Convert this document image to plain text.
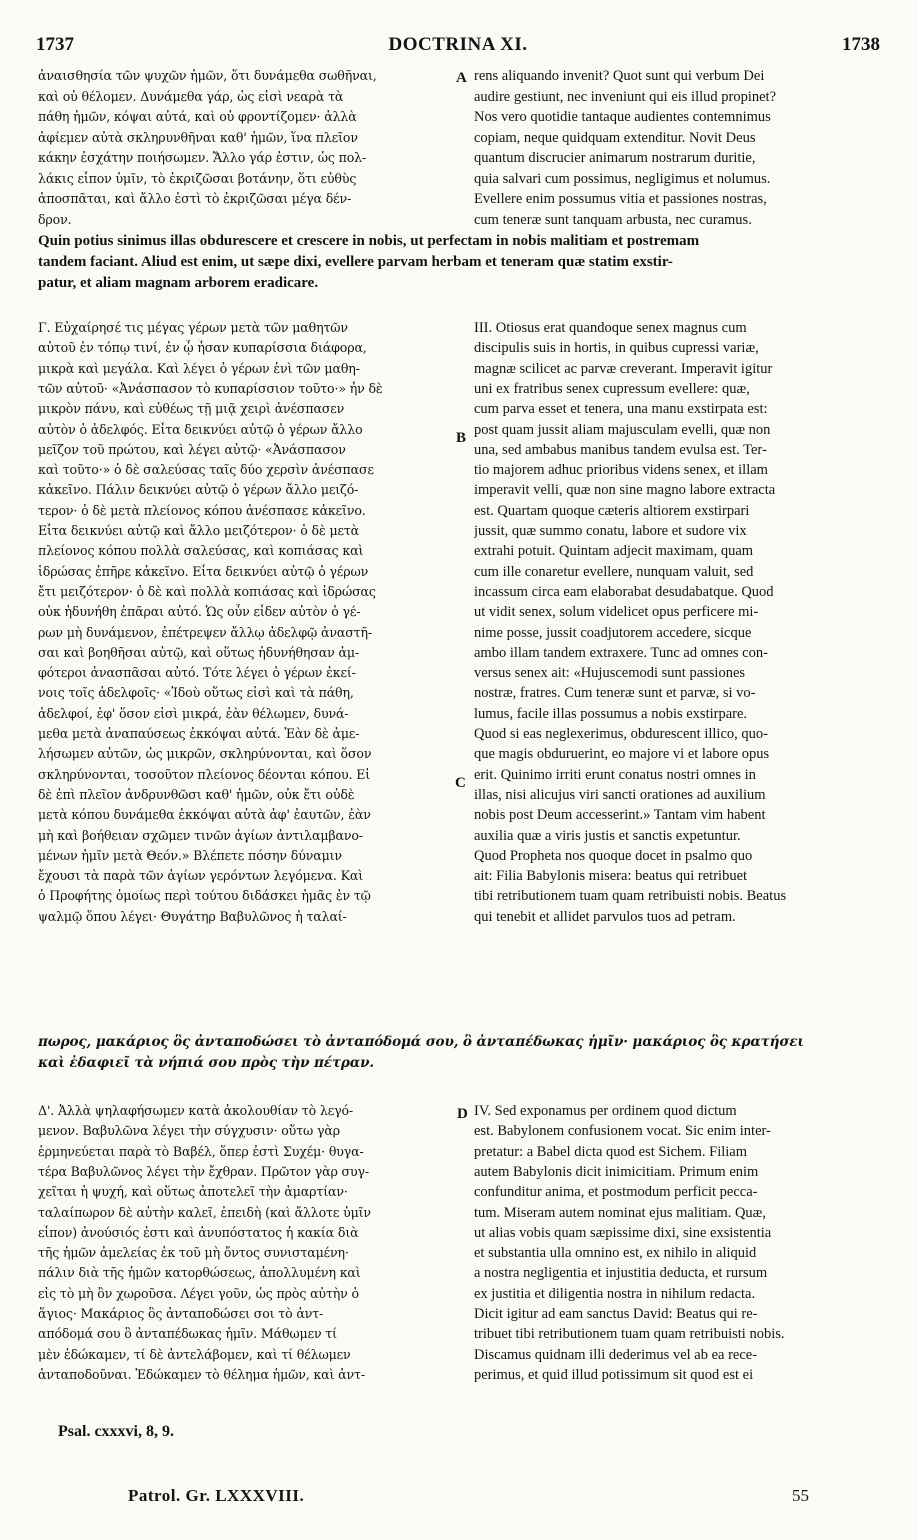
1737	DOCTRINA XI.	1738
ἀναισθησία τῶν ψυχῶν ἡμῶν, ὅτι δυνάμεθα σωθῆναι,
καὶ οὐ θέλομεν. Δυνάμεθα γάρ, ὡς εἰσὶ νεαρὰ τὰ
πάθη ἡμῶν, κόψαι αὐτά, καὶ οὐ φροντίζομεν· ἀλλὰ
ἀφίεμεν αὐτὰ σκληρυνθῆναι καθ' ἡμῶν, ἵνα πλεῖον
κάκην ἐσχάτην ποιήσωμεν. Ἄλλο γάρ ἐστιν, ὡς πολ-
λάκις εἶπον ὑμῖν, τὸ ἐκριζῶσαι βοτάνην, ὅτι εὐθὺς
ἀποσπᾶται, καὶ ἄλλο ἐστὶ τὸ ἐκριζῶσαι μέγα δέν-
δρον.
rens aliquando invenit? Quot sunt qui verbum Dei
audire gestiunt, nec inveniunt qui eis illud propinet?
Nos vero quotidie tantaque audientes contemnimus
copiam, neque quidquam extenditur. Novit Deus
quantum discrucier animarum nostrarum duritie,
quia salvari cum possimus, negligimus et nolumus.
Evellere enim possumus vitia et passiones nostras,
cum teneræ sunt tanquam arbusta, nec curamus.
Γ. Εὐχαίρησέ τις μέγας γέρων μετὰ τῶν μαθητῶν
αὐτοῦ ἐν τόπῳ τινί, ἐν ᾧ ἦσαν κυπαρίσσια διάφορα,
μικρὰ καὶ μεγάλα. Καὶ λέγει ὁ γέρων ἑνὶ τῶν μαθη-
τῶν αὐτοῦ· «Ἀνάσπασον τὸ κυπαρίσσιον τοῦτο·» ἦν δὲ
μικρὸν πάνυ, καὶ εὐθέως τῇ μιᾷ χειρὶ ἀνέσπασεν
αὐτὸν ὁ ἀδελφός. Εἶτα δεικνύει αὐτῷ ὁ γέρων ἄλλο
μεῖζον τοῦ πρώτου, καὶ λέγει αὐτῷ· «Ἀνάσπασον
καὶ τοῦτο·» ὁ δὲ σαλεύσας ταῖς δύο χερσὶν ἀνέσπασε
κἀκεῖνο. Πάλιν δεικνύει αὐτῷ ὁ γέρων ἄλλο μειζό-
τερον· ὁ δὲ μετὰ πλείονος κόπου ἀνέσπασε κἀκεῖνο.
Εἶτα δεικνύει αὐτῷ καὶ ἄλλο μειζότερον· ὁ δὲ μετὰ
πλείονος κόπου πολλὰ σαλεύσας, καὶ κοπιάσας καὶ
ἱδρώσας ἐπῆρε κἀκεῖνο. Εἶτα δεικνύει αὐτῷ ὁ γέρων
ἔτι μειζότερον· ὁ δὲ καὶ πολλὰ κοπιάσας καὶ ἱδρώσας
οὐκ ἠδυνήθη ἐπᾶραι αὐτό. Ὡς οὖν εἶδεν αὐτὸν ὁ γέ-
ρων μὴ δυνάμενον, ἐπέτρεψεν ἄλλῳ ἀδελφῷ ἀναστῆ-
σαι καὶ βοηθῆσαι αὐτῷ, καὶ οὕτως ἠδυνήθησαν ἀμ-
φότεροι ἀνασπᾶσαι αὐτό. Τότε λέγει ὁ γέρων ἐκεί-
νοις τοῖς ἀδελφοῖς· «Ἰδοὺ οὕτως εἰσὶ καὶ τὰ πάθη,
ἀδελφοί, ἐφ' ὅσον εἰσὶ μικρά, ἐὰν θέλωμεν, δυνά-
μεθα μετὰ ἀναπαύσεως ἐκκόψαι αὐτά. Ἐὰν δὲ ἀμε-
λήσωμεν αὐτῶν, ὡς μικρῶν, σκληρύνονται, καὶ ὅσον
σκληρύνονται, τοσοῦτον πλείονος δέονται κόπου. Εἰ
δὲ ἐπὶ πλεῖον ἀνδρυνθῶσι καθ' ἡμῶν, οὐκ ἔτι οὐδὲ
μετὰ κόπου δυνάμεθα ἐκκόψαι αὐτὰ ἀφ' ἑαυτῶν, ἐὰν
μὴ καὶ βοήθειαν σχῶμεν τινῶν ἁγίων ἀντιλαμβανο-
μένων ἡμῖν μετὰ Θεόν.» Βλέπετε πόσην δύναμιν
ἔχουσι τὰ παρὰ τῶν ἁγίων γερόντων λεγόμενα. Καὶ
ὁ Προφήτης ὁμοίως περὶ τούτου διδάσκει ἡμᾶς ἐν τῷ
ψαλμῷ ὅπου λέγει· Θυγάτηρ Βαβυλῶνος ἡ ταλαί-
III. Otiosus erat quandoque senex magnus cum
discipulis suis in hortis, in quibus cupressi variæ,
magnæ scilicet ac parvæ creverant. Imperavit igitur
uni ex fratribus senex cupressum evellere: quæ,
cum parva esset et tenera, una manu exstirpata est:
post quam jussit aliam majusculam evelli, quæ non
una, sed ambabus manibus tandem evulsa est. Ter-
tio majorem adhuc prioribus videns senex, et illam
imperavit velli, quæ non sine magno labore extracta
est. Quartam quoque cæteris altiorem exstirpari
jussit, quæ summo conatu, labore et sudore vix
extrahi potuit. Quintam adjecit maximam, quam
cum ille conaretur evellere, nunquam valuit, sed
incassum circa eam elaborabat desudabatque. Quod
ut vidit senex, solum videlicet opus perficere mi-
nime posse, jussit coadjutorem accedere, sicque
ambo illam tandem extraxere. Tunc ad omnes con-
versus senex ait: «Hujuscemodi sunt passiones
nostræ, fratres. Cum teneræ sunt et parvæ, si vo-
lumus, facile illas possumus a nobis exstirpare.
Quod si eas neglexerimus, obdurescent illico, quo-
que magis obduruerint, eo majore vi et labore opus
erit. Quinimo irriti erunt conatus nostri omnes in
illas, nisi alicujus viri sancti orationes ad auxilium
nobis post Deum accesserint.» Tantam vim habent
auxilia quæ a viris justis et sanctis expetuntur.
Quod Propheta nos quoque docet in psalmo quo
ait: Filia Babylonis misera: beatus qui retribuet
tibi retributionem tuam quam retribuisti nobis. Beatus
qui tenebit et allidet parvulos tuos ad petram.
Δ'. Ἀλλὰ ψηλαφήσωμεν κατὰ ἀκολουθίαν τὸ λεγό-
μενον. Βαβυλῶνα λέγει τὴν σύγχυσιν· οὕτω γὰρ
ἑρμηνεύεται παρὰ τὸ Βαβέλ, ὅπερ ἐστὶ Συχέμ· θυγα-
τέρα Βαβυλῶνος λέγει τὴν ἔχθραν. Πρῶτον γὰρ συγ-
χεῖται ἡ ψυχή, καὶ οὕτως ἀποτελεῖ τὴν ἁμαρτίαν·
ταλαίπωρον δὲ αὐτὴν καλεῖ, ἐπειδὴ (καὶ ἄλλοτε ὑμῖν
εἶπον) ἀνούσιός ἐστι καὶ ἀνυπόστατος ἡ κακία διὰ
τῆς ἡμῶν ἀμελείας ἐκ τοῦ μὴ ὄντος συνισταμένη·
πάλιν διὰ τῆς ἡμῶν κατορθώσεως, ἀπολλυμένη καὶ
εἰς τὸ μὴ ὂν χωροῦσα. Λέγει γοῦν, ὡς πρὸς αὐτὴν ὁ
ἅγιος· Μακάριος ὃς ἀνταποδώσει σοι τὸ ἀντ-
απόδομά σου ὃ ἀνταπέδωκας ἡμῖν. Μάθωμεν τί
μὲν ἐδώκαμεν, τί δὲ ἀντελάβομεν, καὶ τί θέλωμεν
ἀνταποδοῦναι. Ἐδώκαμεν τὸ θέλημα ἡμῶν, καὶ ἀντ-
IV. Sed exponamus per ordinem quod dictum
est. Babylonem confusionem vocat. Sic enim inter-
pretatur: a Babel dicta quod est Sichem. Filiam
autem Babylonis dicit inimicitiam. Primum enim
confunditur anima, et postmodum perficit pecca-
tum. Miseram autem nominat ejus malitiam. Quæ,
ut alias vobis quam sæpissime dixi, sine exsistentia
et substantia ulla omnino est, ex nihilo in aliquid
a nostra negligentia et injustitia deducta, et rursum
ex justitia et diligentia nostra in nihilum redacta.
Dicit igitur ad eam sanctus David: Beatus qui re-
tribuet tibi retributionem tuam quam retribuisti nobis.
Discamus quidnam illi dederimus vel ab ea rece-
perimus, et quid illud potissimum sit quod est ei
Quin potius sinimus illas obdurescere et crescere in nobis, ut perfectam in nobis malitiam et postremam
tandem faciant. Aliud est enim, ut sæpe dixi, evellere parvam herbam et teneram quæ statim exstir-
patur, et aliam magnam arborem eradicare.
πωρος, μακάριος ὃς ἀνταποδώσει τὸ ἀνταπόδομά σου, ὃ ἀνταπέδωκας ἡμῖν· μακάριος ὃς κρατήσει
καὶ ἐδαφιεῖ τὰ νήπιά σου πρὸς τὴν πέτραν.
A
B
C
D
Psal. cxxxvi, 8, 9.
Patrol. Gr. LXXXVIII.	55
